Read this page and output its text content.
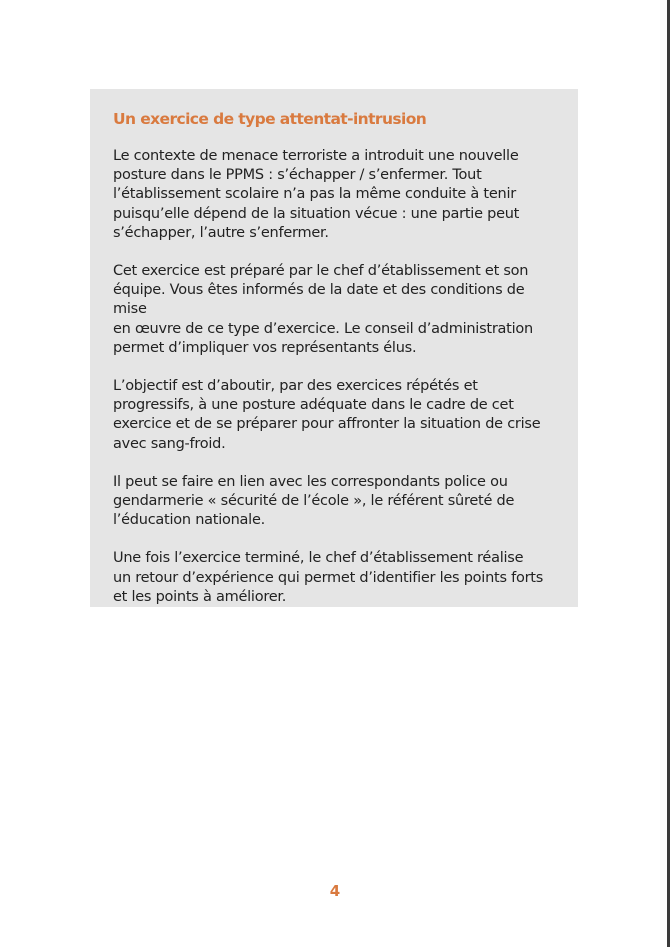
Un exercice de type attentat-intrusion

Le contexte de menace terroriste a introduit une nouvelle
posture dans le PPMS : s’échapper / s’enfermer. Tout
l’établissement scolaire n’a pas la même conduite à tenir
puisqu’elle dépend de la situation vécue : une partie peut
s’échapper, l’autre s’enfermer.

Cet exercice est préparé par le chef d’établissement et son
équipe. Vous êtes informés de la date et des conditions de mise
en œuvre de ce type d’exercice. Le conseil d’administration
permet d’impliquer vos représentants élus.

L’objectif est d’aboutir, par des exercices répétés et
progressifs, à une posture adéquate dans le cadre de cet
exercice et de se préparer pour affronter la situation de crise
avec sang-froid.

Il peut se faire en lien avec les correspondants police ou
gendarmerie « sécurité de l’école », le référent sûreté de
l’éducation nationale.

Une fois l’exercice terminé, le chef d’établissement réalise
un retour d’expérience qui permet d’identifier les points forts
et les points à améliorer.

4
